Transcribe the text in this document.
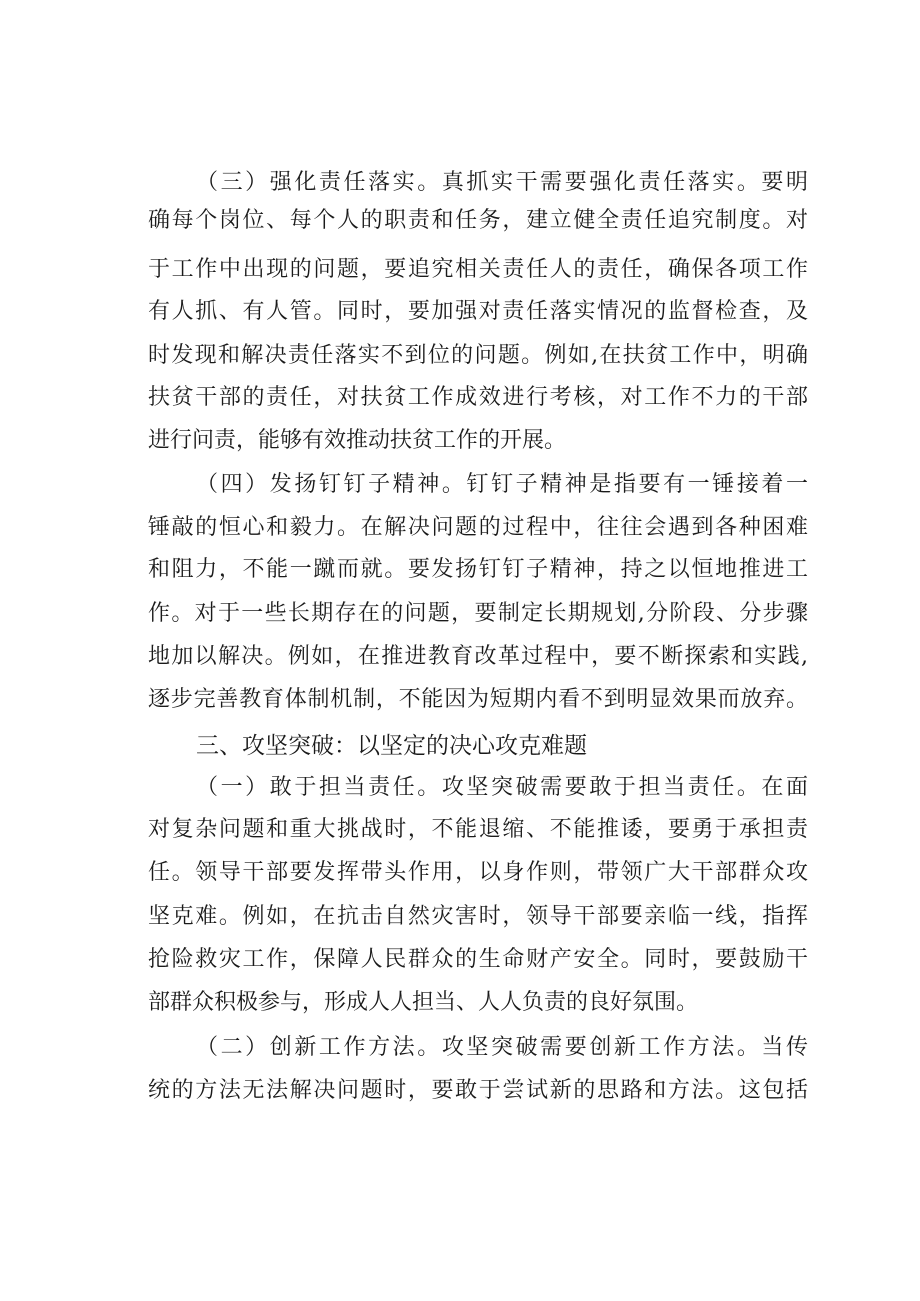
（三）强化责任落实。真抓实干需要强化责任落实。要明
确每个岗位、每个人的职责和任务，建立健全责任追究制度。对
于工作中出现的问题，要追究相关责任人的责任，确保各项工作
有人抓、有人管。同时，要加强对责任落实情况的监督检查，及
时发现和解决责任落实不到位的问题。例如,在扶贫工作中，明确
扶贫干部的责任，对扶贫工作成效进行考核，对工作不力的干部
进行问责，能够有效推动扶贫工作的开展。
（四）发扬钉钉子精神。钉钉子精神是指要有一锤接着一
锤敲的恒心和毅力。在解决问题的过程中，往往会遇到各种困难
和阻力，不能一蹴而就。要发扬钉钉子精神，持之以恒地推进工
作。对于一些长期存在的问题，要制定长期规划,分阶段、分步骤
地加以解决。例如，在推进教育改革过程中，要不断探索和实践,
逐步完善教育体制机制，不能因为短期内看不到明显效果而放弃。
三、攻坚突破：以坚定的决心攻克难题
（一）敢于担当责任。攻坚突破需要敢于担当责任。在面
对复杂问题和重大挑战时，不能退缩、不能推诿，要勇于承担责
任。领导干部要发挥带头作用，以身作则，带领广大干部群众攻
坚克难。例如，在抗击自然灾害时，领导干部要亲临一线，指挥
抢险救灾工作，保障人民群众的生命财产安全。同时，要鼓励干
部群众积极参与，形成人人担当、人人负责的良好氛围。
（二）创新工作方法。攻坚突破需要创新工作方法。当传
统的方法无法解决问题时，要敢于尝试新的思路和方法。这包括
